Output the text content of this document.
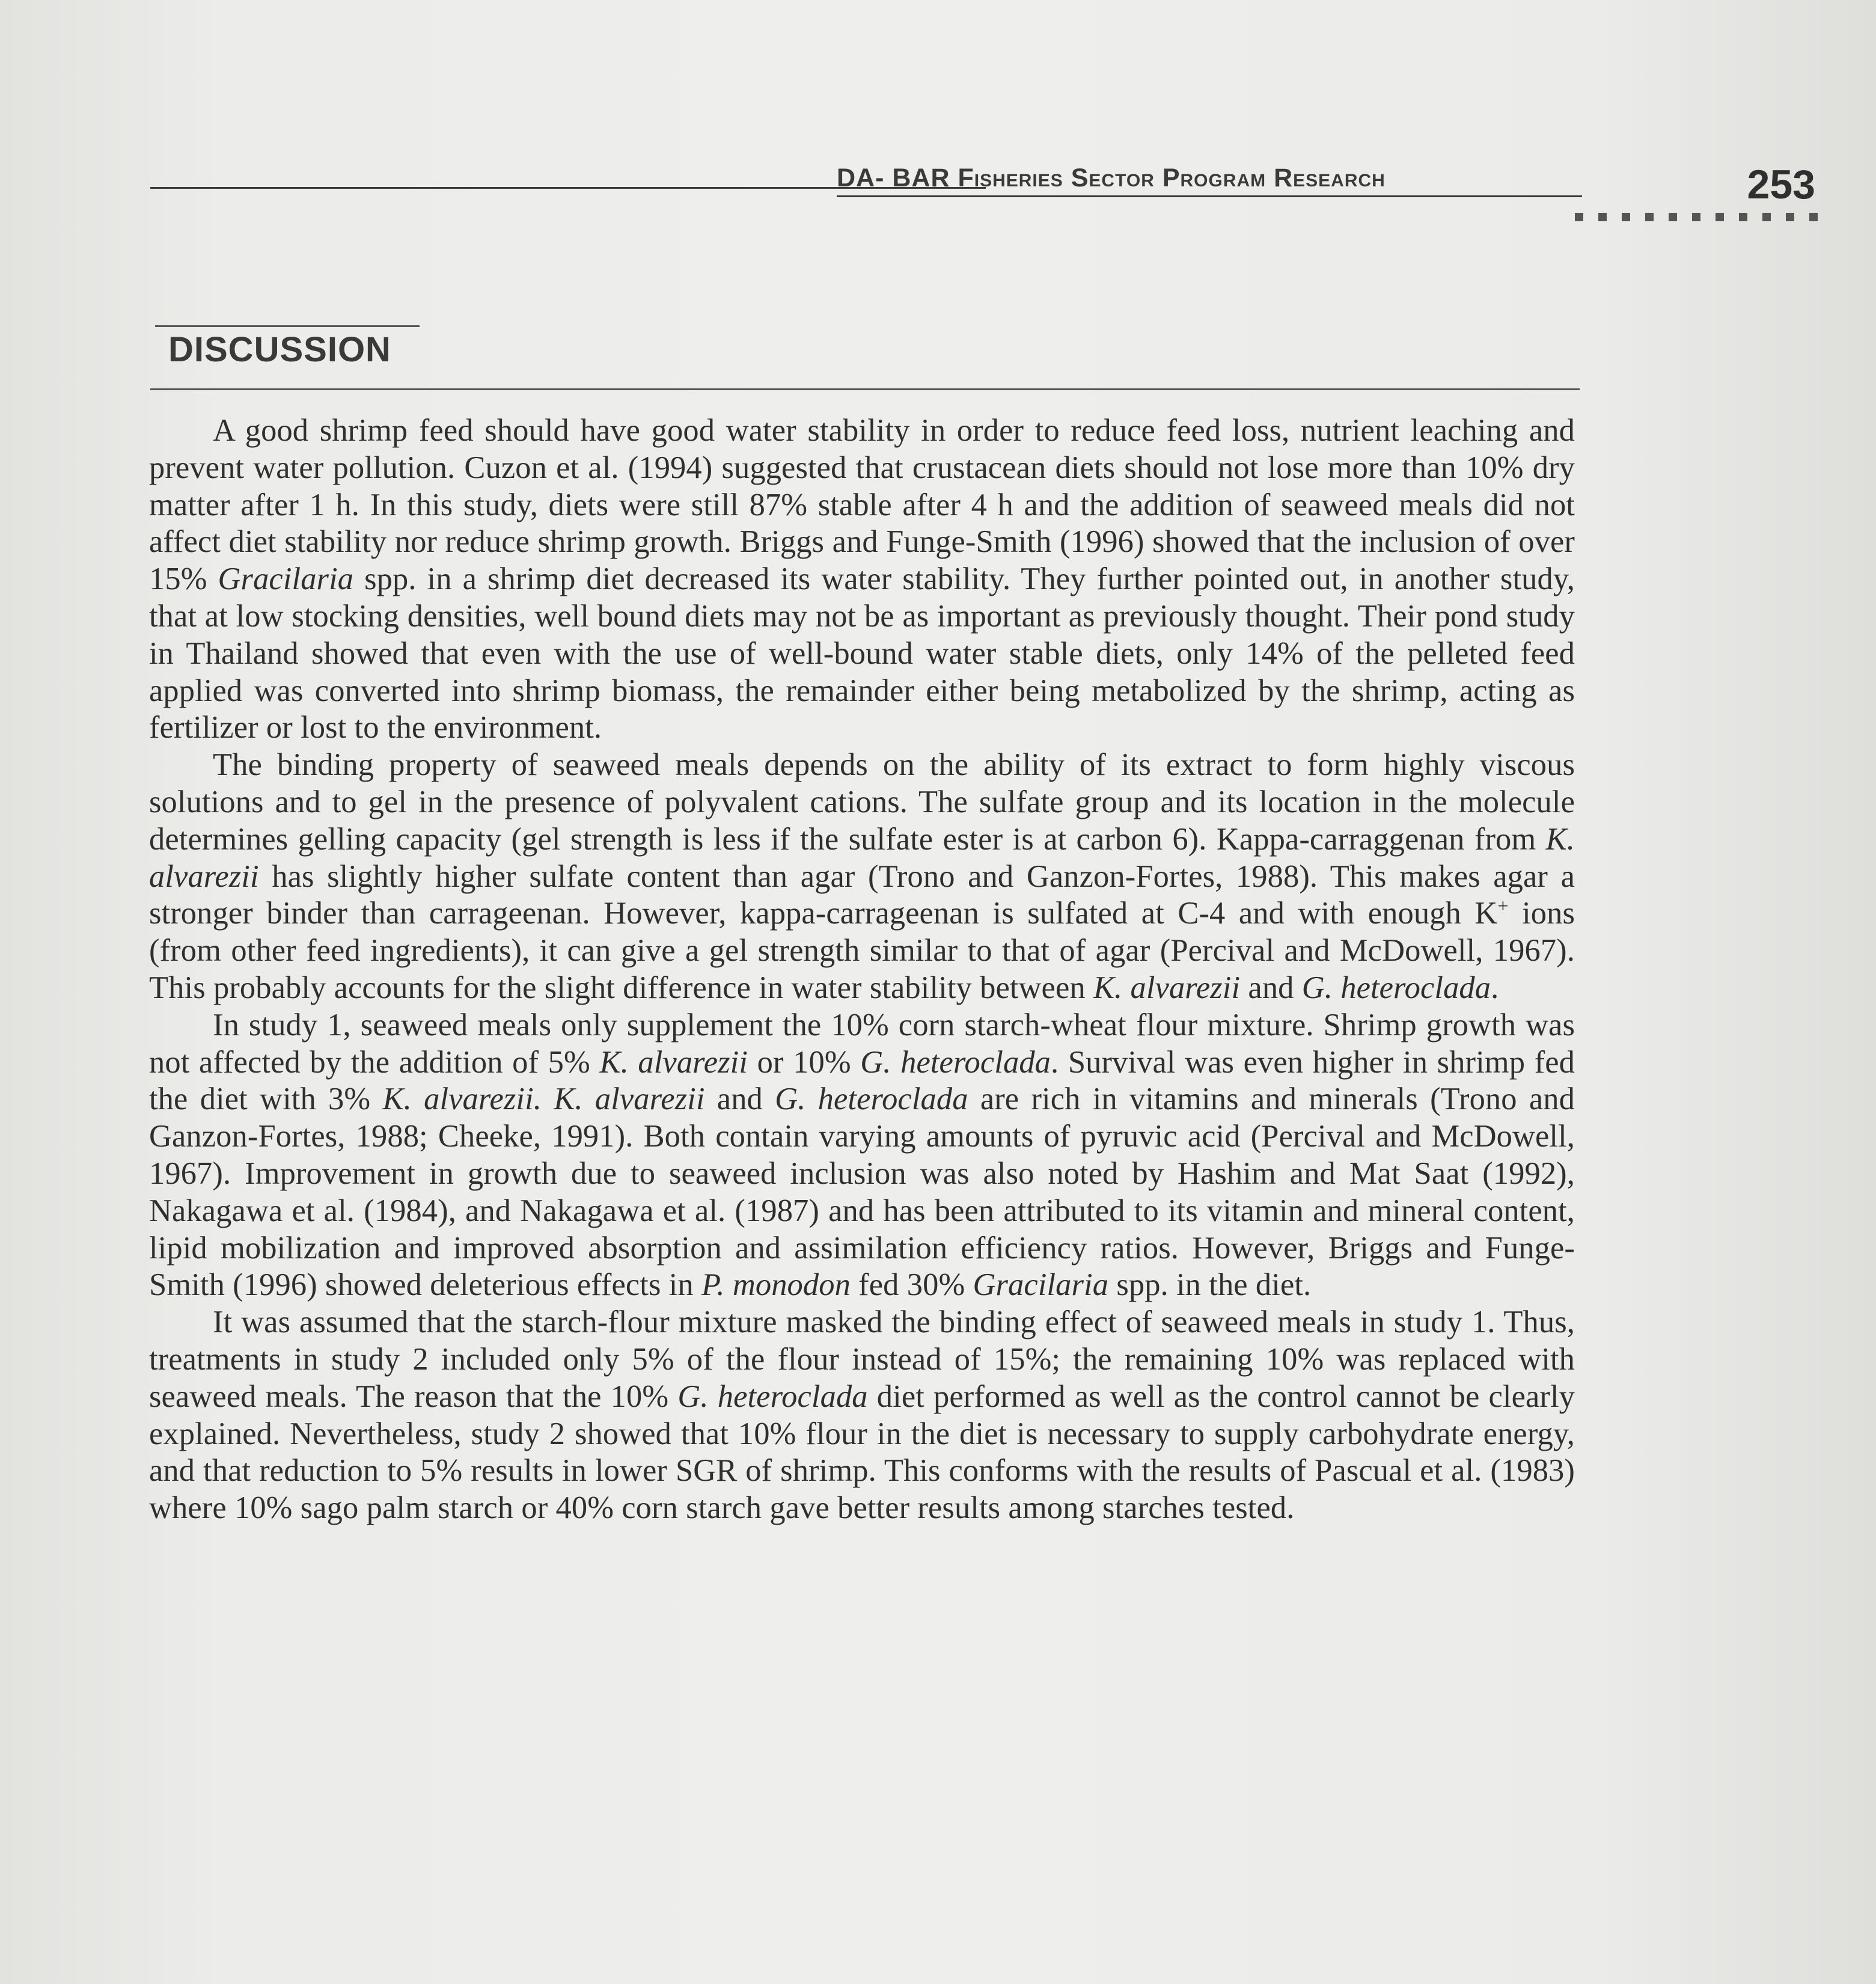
DA- BAR Fisheries Sector Program Research	253
DISCUSSION

A good shrimp feed should have good water stability in order to reduce feed loss, nutrient leaching and prevent water pollution. Cuzon et al. (1994) suggested that crustacean diets should not lose more than 10% dry matter after 1 h. In this study, diets were still 87% stable after 4 h and the addition of seaweed meals did not affect diet stability nor reduce shrimp growth. Briggs and Funge-Smith (1996) showed that the inclusion of over 15% Gracilaria spp. in a shrimp diet decreased its water stability. They further pointed out, in another study, that at low stocking densities, well bound diets may not be as important as previously thought. Their pond study in Thailand showed that even with the use of well-bound water stable diets, only 14% of the pelleted feed applied was converted into shrimp biomass, the remainder either being metabolized by the shrimp, acting as fertilizer or lost to the environment.

The binding property of seaweed meals depends on the ability of its extract to form highly viscous solutions and to gel in the presence of polyvalent cations. The sulfate group and its location in the molecule determines gelling capacity (gel strength is less if the sulfate ester is at carbon 6). Kappa-carraggenan from K. alvarezii has slightly higher sulfate content than agar (Trono and Ganzon-Fortes, 1988). This makes agar a stronger binder than carrageenan. However, kappa-carrageenan is sulfated at C-4 and with enough K+ ions (from other feed ingredients), it can give a gel strength similar to that of agar (Percival and McDowell, 1967). This probably accounts for the slight difference in water stability between K. alvarezii and G. heteroclada.

In study 1, seaweed meals only supplement the 10% corn starch-wheat flour mixture. Shrimp growth was not affected by the addition of 5% K. alvarezii or 10% G. heteroclada. Survival was even higher in shrimp fed the diet with 3% K. alvarezii. K. alvarezii and G. heteroclada are rich in vitamins and minerals (Trono and Ganzon-Fortes, 1988; Cheeke, 1991). Both contain varying amounts of pyruvic acid (Percival and McDowell, 1967). Improvement in growth due to seaweed inclusion was also noted by Hashim and Mat Saat (1992), Nakagawa et al. (1984), and Nakagawa et al. (1987) and has been attributed to its vitamin and mineral content, lipid mobilization and improved absorption and assimilation efficiency ratios. However, Briggs and Funge-Smith (1996) showed deleterious effects in P. monodon fed 30% Gracilaria spp. in the diet.

It was assumed that the starch-flour mixture masked the binding effect of seaweed meals in study 1. Thus, treatments in study 2 included only 5% of the flour instead of 15%; the remaining 10% was replaced with seaweed meals. The reason that the 10% G. heteroclada diet performed as well as the control cannot be clearly explained. Nevertheless, study 2 showed that 10% flour in the diet is necessary to supply carbohydrate energy, and that reduction to 5% results in lower SGR of shrimp. This conforms with the results of Pascual et al. (1983) where 10% sago palm starch or 40% corn starch gave better results among starches tested.
